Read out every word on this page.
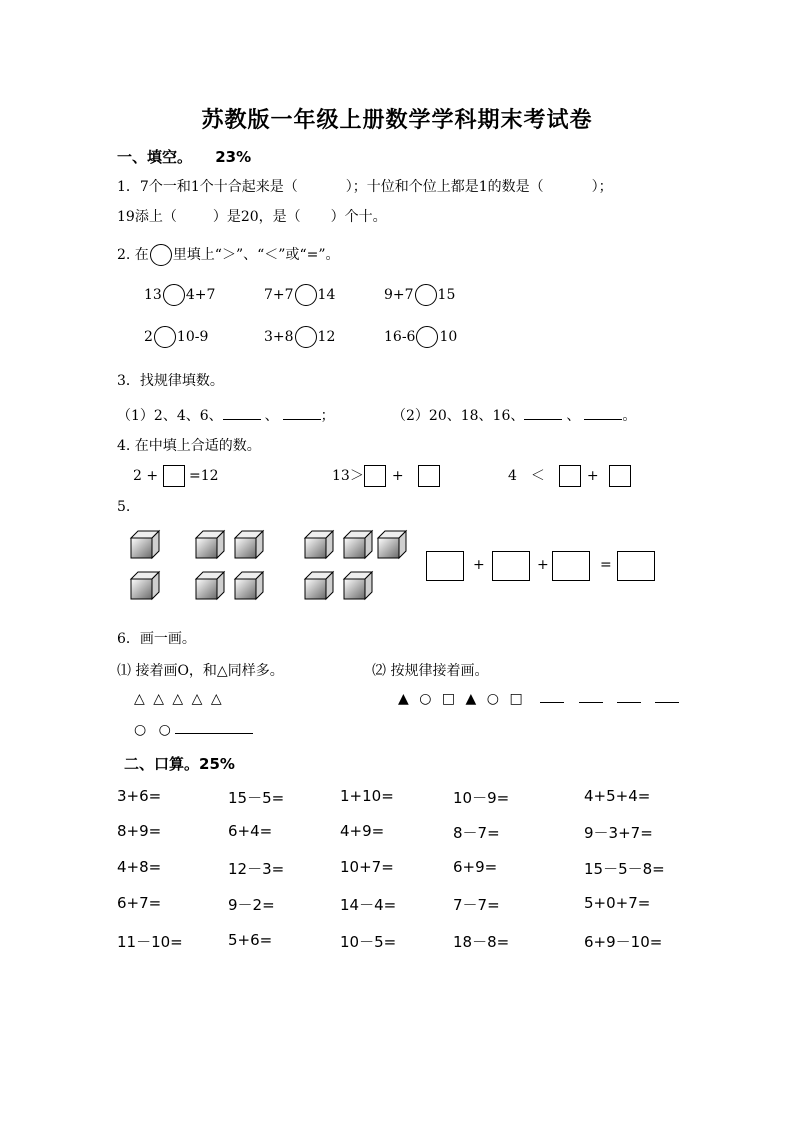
苏教版一年级上册数学学科期末考试卷
一、填空。 23%
1．7个一和1个十合起来是（	）；十位和个位上都是1的数是（	）；
19添上（	）是20，是（ ）个十。
2. 在 里填上“＞”、“＜”或“=”。
13 4+7	7+7 14	9+7 15
2 10-9	3+8 12	16-6 10
3．找规律填数。
（1）2、4、6、	、	；	（2）20、18、16、	、	。
4. 在中填上合适的数。
2 + =12	13＞ +	4 ＜	+
5.
+	+	=
6．画一画。
⑴ 接着画O，和△同样多。	⑵ 按规律接着画。
△ △ △ △ △	▲ ○ □ ▲ ○ □
○ ○
二、口算。25%
3+6=	15－5=	1+10=	10－9=	4+5+4=
8+9=	6+4=	4+9=	8－7=	9－3+7=
4+8=	12－3=	10+7=	6+9=	15－5－8=
6+7=	9－2=	14－4=	7－7=	5+0+7=
11－10=	5+6=	10－5=	18－8=	6+9－10=
